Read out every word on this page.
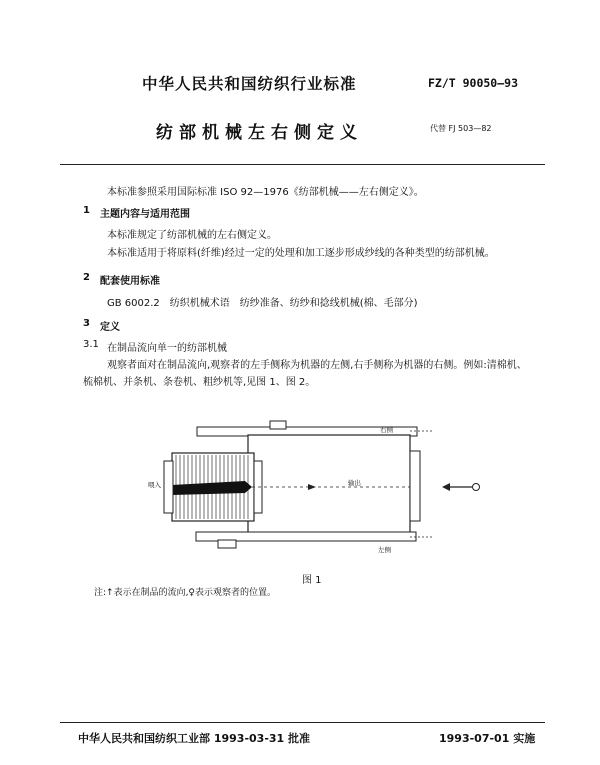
中华人民共和国纺织行业标准	FZ/T 90050—93
纺部机械左右侧定义	代替 FJ 503—82
本标准参照采用国际标准 ISO 92—1976《纺部机械——左右侧定义》。
1 主题内容与适用范围
本标准规定了纺部机械的左右侧定义。
本标准适用于将原料(纤维)经过一定的处理和加工逐步形成纱线的各种类型的纺部机械。
2 配套使用标准
GB 6002.2　纺织机械术语　纺纱准备、纺纱和捻线机械(棉、毛部分)
3 定义
3.1 在制品流向单一的纺部机械
观察者面对在制品流向,观察者的左手侧称为机器的左侧,右手侧称为机器的右侧。例如:清棉机、
梳棉机、并条机、条卷机、粗纱机等,见图 1、图 2。
右侧
左侧
喂入	输出
图 1
注:↑表示在制品的流向,♀表示观察者的位置。
中华人民共和国纺织工业部 1993-03-31 批准	1993-07-01 实施
